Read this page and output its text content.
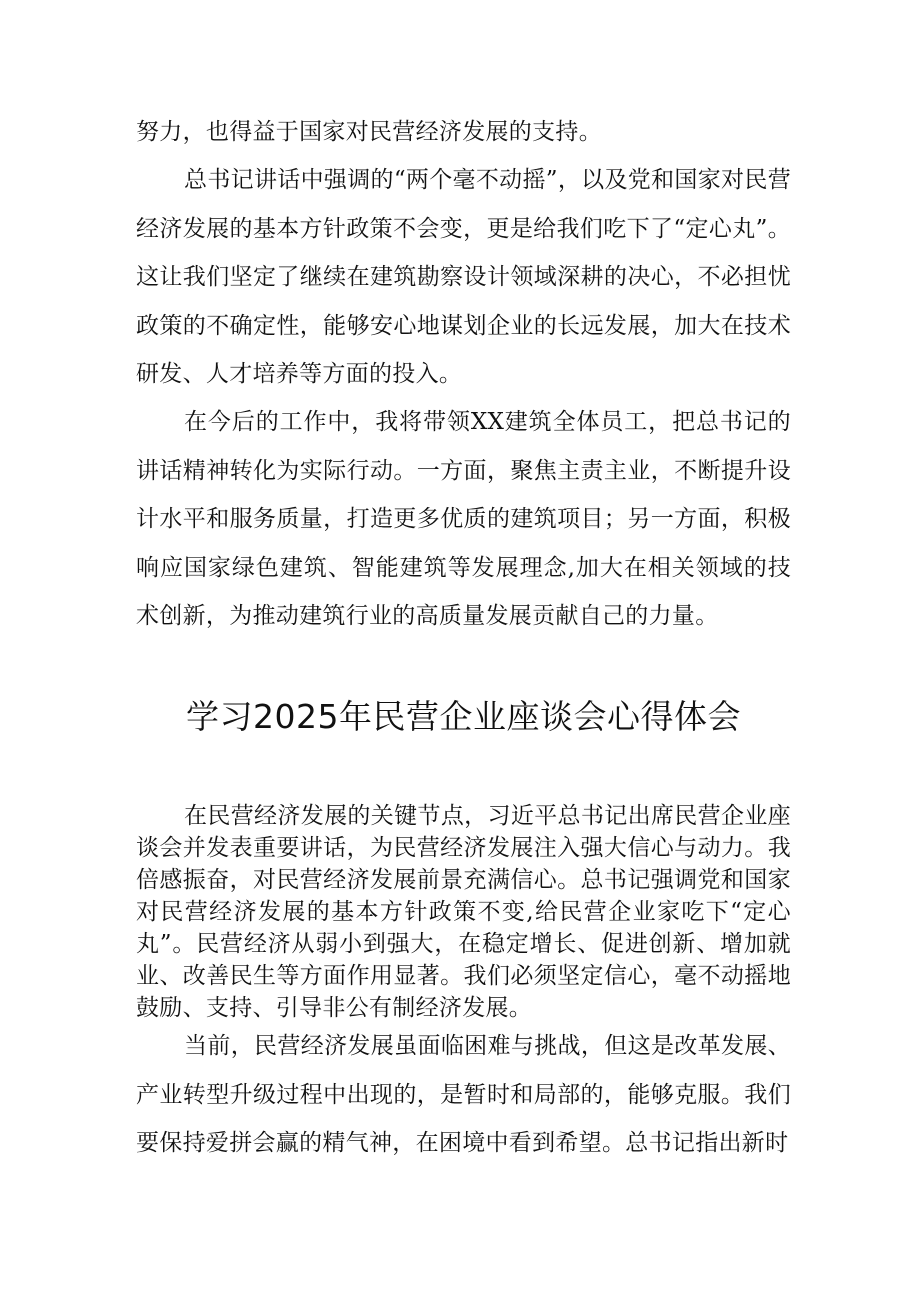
努力，也得益于国家对民营经济发展的支持。

总书记讲话中强调的“两个毫不动摇”，以及党和国家对民营经济发展的基本方针政策不会变，更是给我们吃下了“定心丸”。这让我们坚定了继续在建筑勘察设计领域深耕的决心，不必担忧政策的不确定性，能够安心地谋划企业的长远发展，加大在技术研发、人才培养等方面的投入。

在今后的工作中，我将带领XX建筑全体员工，把总书记的讲话精神转化为实际行动。一方面，聚焦主责主业，不断提升设计水平和服务质量，打造更多优质的建筑项目；另一方面，积极响应国家绿色建筑、智能建筑等发展理念,加大在相关领域的技术创新，为推动建筑行业的高质量发展贡献自己的力量。

学习2025年民营企业座谈会心得体会

在民营经济发展的关键节点，习近平总书记出席民营企业座谈会并发表重要讲话，为民营经济发展注入强大信心与动力。我倍感振奋，对民营经济发展前景充满信心。总书记强调党和国家对民营经济发展的基本方针政策不变,给民营企业家吃下“定心丸”。民营经济从弱小到强大，在稳定增长、促进创新、增加就业、改善民生等方面作用显著。我们必须坚定信心，毫不动摇地鼓励、支持、引导非公有制经济发展。

当前，民营经济发展虽面临困难与挑战，但这是改革发展、产业转型升级过程中出现的，是暂时和局部的，能够克服。我们要保持爱拼会赢的精气神，在困境中看到希望。总书记指出新时
